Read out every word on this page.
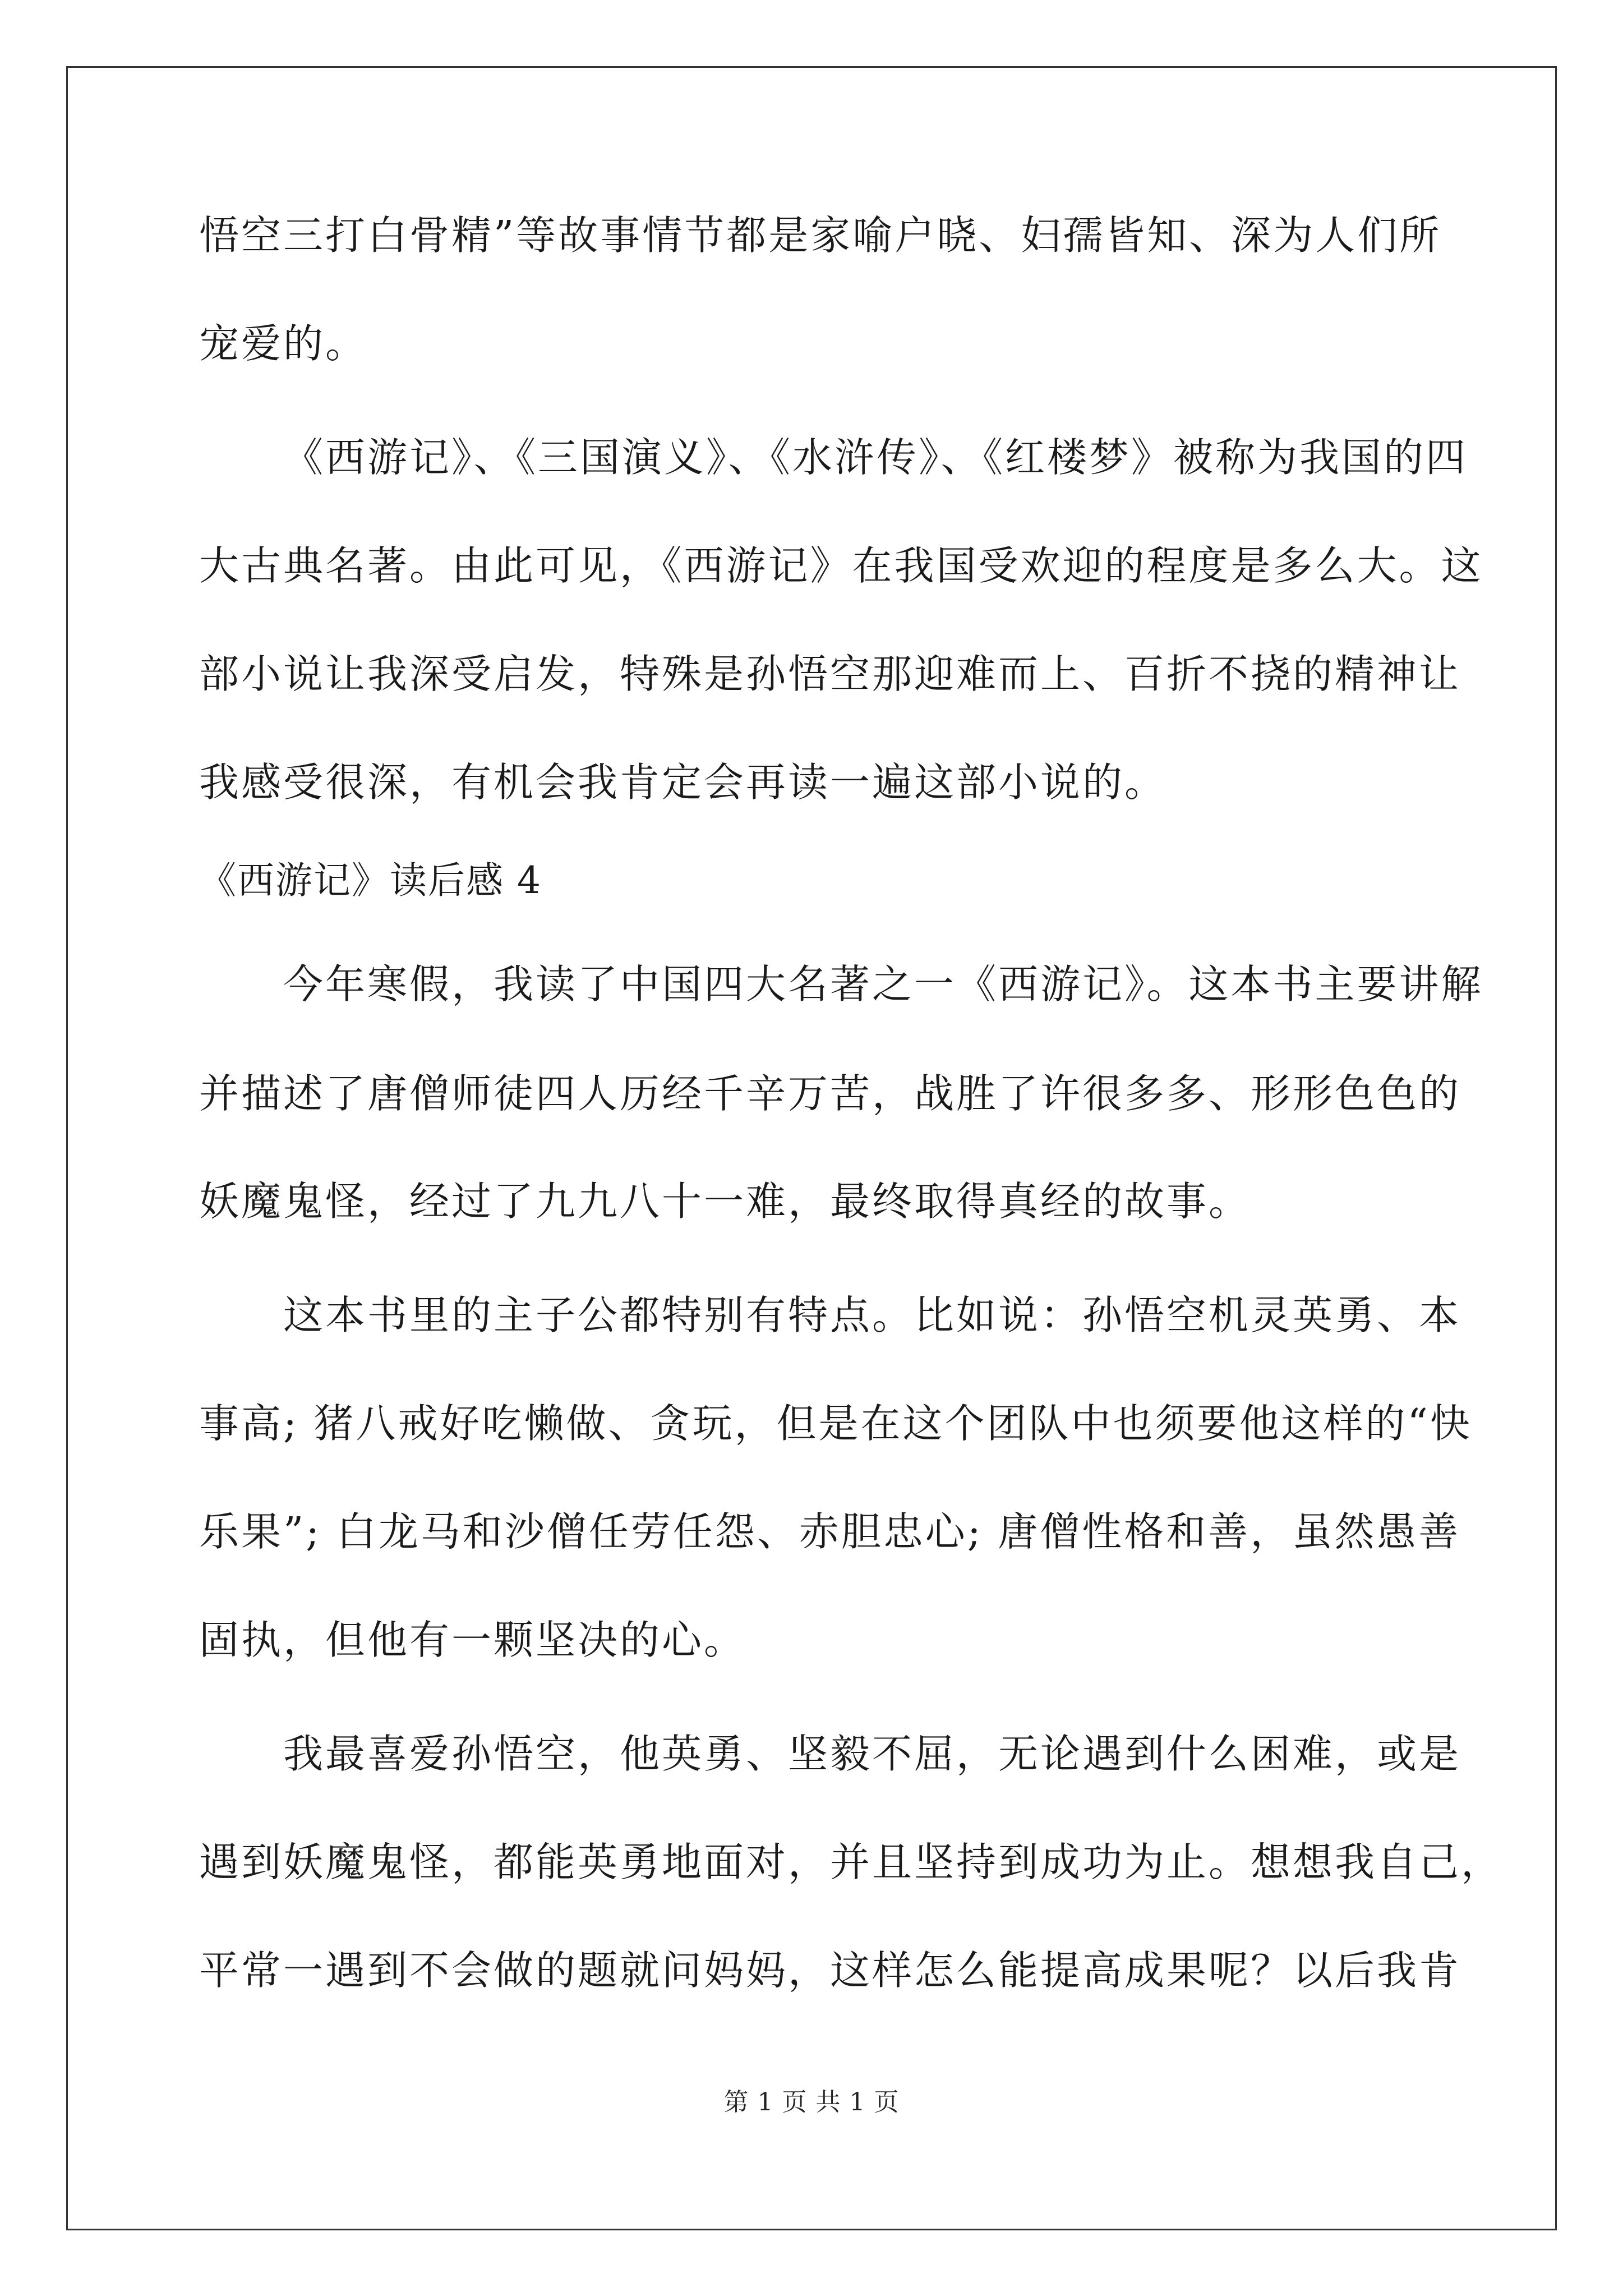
悟空三打白骨精”等故事情节都是家喻户晓、妇孺皆知、深为人们所
宠爱的。
《西游记》、《三国演义》、《水浒传》、《红楼梦》被称为我国的四
大古典名著。由此可见，《西游记》在我国受欢迎的程度是多么大。这
部小说让我深受启发，特殊是孙悟空那迎难而上、百折不挠的精神让
我感受很深，有机会我肯定会再读一遍这部小说的。
《西游记》读后感 4
今年寒假，我读了中国四大名著之一《西游记》。这本书主要讲解
并描述了唐僧师徒四人历经千辛万苦，战胜了许很多多、形形色色的
妖魔鬼怪，经过了九九八十一难，最终取得真经的故事。
这本书里的主子公都特别有特点。比如说：孙悟空机灵英勇、本
事高; 猪八戒好吃懒做、贪玩，但是在这个团队中也须要他这样的“快
乐果”; 白龙马和沙僧任劳任怨、赤胆忠心; 唐僧性格和善，虽然愚善
固执，但他有一颗坚决的心。
我最喜爱孙悟空，他英勇、坚毅不屈，无论遇到什么困难，或是
遇到妖魔鬼怪，都能英勇地面对，并且坚持到成功为止。想想我自己，
平常一遇到不会做的题就问妈妈，这样怎么能提高成果呢？以后我肯
第 1 页 共 1 页
